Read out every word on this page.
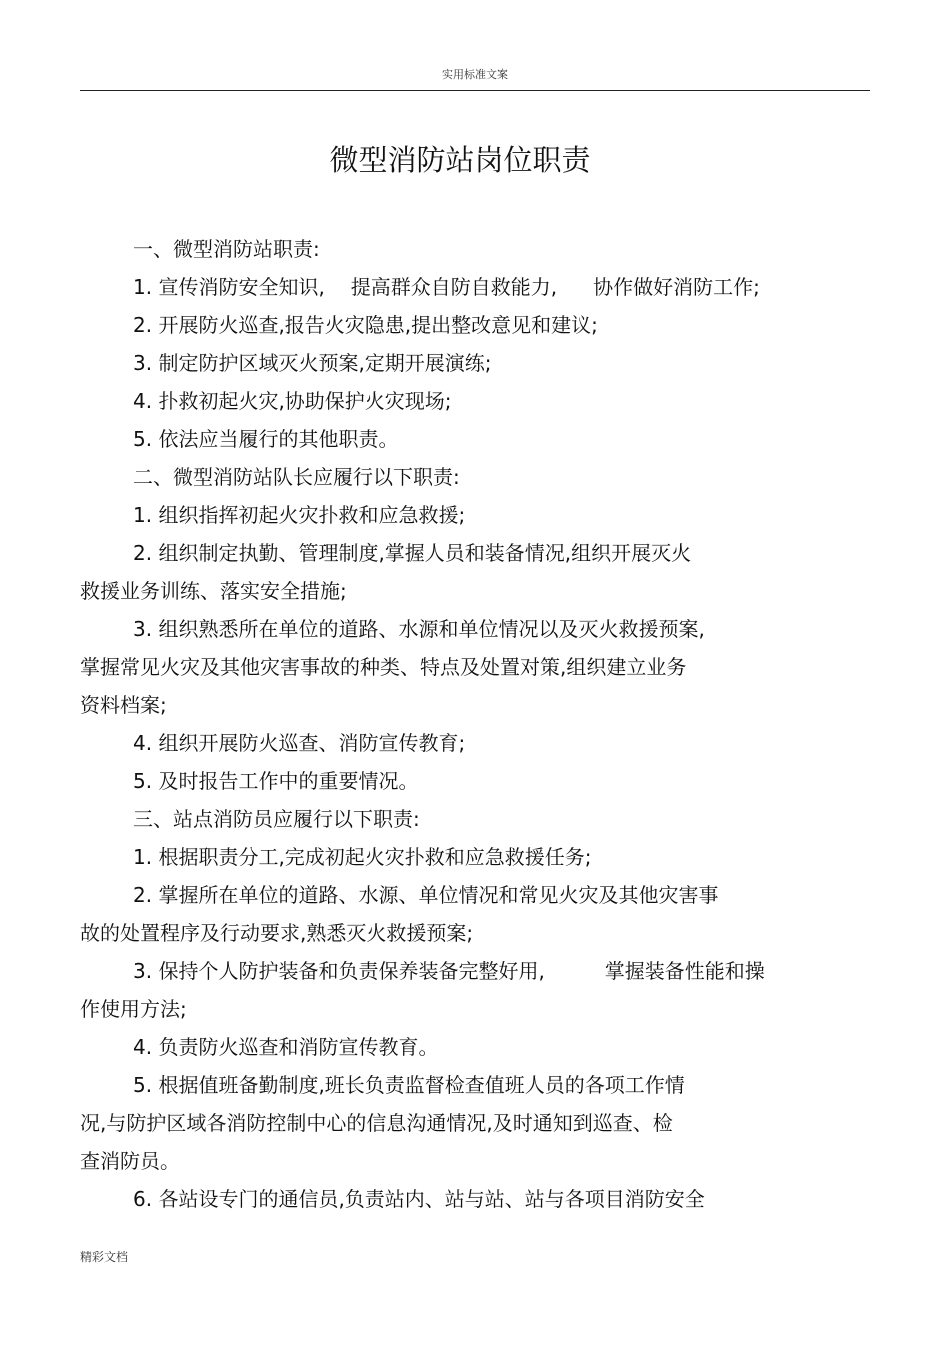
实用标准文案
微型消防站岗位职责
一、微型消防站职责:
1. 宣传消防安全知识, 提高群众自防自救能力, 协作做好消防工作;
2. 开展防火巡查,报告火灾隐患,提出整改意见和建议;
3. 制定防护区域灭火预案,定期开展演练;
4. 扑救初起火灾,协助保护火灾现场;
5. 依法应当履行的其他职责。
二、微型消防站队长应履行以下职责:
1. 组织指挥初起火灾扑救和应急救援;
2. 组织制定执勤、管理制度,掌握人员和装备情况,组织开展灭火
救援业务训练、落实安全措施;
3. 组织熟悉所在单位的道路、水源和单位情况以及灭火救援预案,
掌握常见火灾及其他灾害事故的种类、特点及处置对策,组织建立业务
资料档案;
4. 组织开展防火巡查、消防宣传教育;
5. 及时报告工作中的重要情况。
三、站点消防员应履行以下职责:
1. 根据职责分工,完成初起火灾扑救和应急救援任务;
2. 掌握所在单位的道路、水源、单位情况和常见火灾及其他灾害事
故的处置程序及行动要求,熟悉灭火救援预案;
3. 保持个人防护装备和负责保养装备完整好用,	掌握装备性能和操
作使用方法;
4. 负责防火巡查和消防宣传教育。
5. 根据值班备勤制度,班长负责监督检查值班人员的各项工作情
况,与防护区域各消防控制中心的信息沟通情况,及时通知到巡查、检
查消防员。
6. 各站设专门的通信员,负责站内、站与站、站与各项目消防安全
精彩文档
